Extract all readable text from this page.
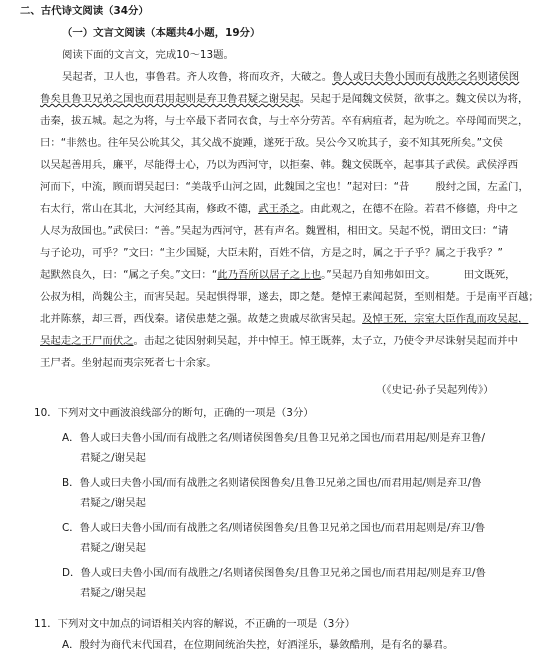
二、古代诗文阅读（34分）
（一）文言文阅读（本题共4小题，19分）
阅读下面的文言文，完成10～13题。
吴起者，卫人也，事鲁君。齐人攻鲁，将而攻齐，大破之。鲁人或曰夫鲁小国而有战胜之名则诸侯图
鲁矣且鲁卫兄弟之国也而君用起则是弃卫鲁君疑之谢吴起。吴起于是闻魏文侯贤，欲事之。魏文侯以为将，
击秦，拔五城。起之为将，与士卒最下者同衣食，与士卒分劳苦。卒有病疽者，起为吮之。卒母闻而哭之，
曰：“非然也。往年吴公吮其父，其父战不旋踵，遂死于敌。吴公今又吮其子，妾不知其死所矣。”文侯
以吴起善用兵，廉平，尽能得士心，乃以为西河守，以拒秦、韩。魏文侯既卒，起事其子武侯。武侯浮西
河而下，中流，顾而谓吴起曰：“美哉乎山河之固，此魏国之宝也！”起对曰：“昔	殷纣之国，左孟门，
右太行，常山在其北，大河经其南，修政不德，武王杀之。由此观之，在德不在险。若君不修德，舟中之
人尽为敌国也。”武侯曰：“善。”吴起为西河守，甚有声名。魏置相，相田文。吴起不悦，谓田文曰：“请
与子论功，可乎？”文曰：“主少国疑，大臣未附，百姓不信，方是之时，属之于子乎？属之于我乎？”
起默然良久，曰：“属之子矣。”文曰：“此乃吾所以居子之上也。”吴起乃自知弗如田文。	田文既死，
公叔为相，尚魏公主，而害吴起。吴起惧得罪，遂去，即之楚。楚悼王素闻起贤，至则相楚。于是南平百越；
北并陈蔡，却三晋，西伐秦。诸侯患楚之强。故楚之贵戚尽欲害吴起。及悼王死，宗室大臣作乱而攻吴起，
吴起走之王尸而伏之。击起之徒因射刺吴起，并中悼王。悼王既葬，太子立，乃使令尹尽诛射吴起而并中
王尸者。坐射起而夷宗死者七十余家。
（《史记·孙子吴起列传》）
10．下列对文中画波浪线部分的断句，正确的一项是（3分）
A．鲁人或曰夫鲁小国/而有战胜之名/则诸侯图鲁矣/且鲁卫兄弟之国也/而君用起/则是弃卫鲁/
君疑之/谢吴起
B．鲁人或曰夫鲁小国/而有战胜之名则诸侯图鲁矣/且鲁卫兄弟之国也/而君用起/则是弃卫/鲁
君疑之/谢吴起
C．鲁人或曰夫鲁小国/而有战胜之名/则诸侯图鲁矣/且鲁卫兄弟之国也/而君用起则是/弃卫/鲁
君疑之/谢吴起
D．鲁人或曰夫鲁小国/而有战胜之/名则诸侯图鲁矣/且鲁卫兄弟之国也/而君用起/则是弃卫/鲁
君疑之/谢吴起
11．下列对文中加点的词语相关内容的解说，不正确的一项是（3分）
A．殷纣为商代末代国君，在位期间统治失控，好酒淫乐，暴敛酷刑，是有名的暴君。
